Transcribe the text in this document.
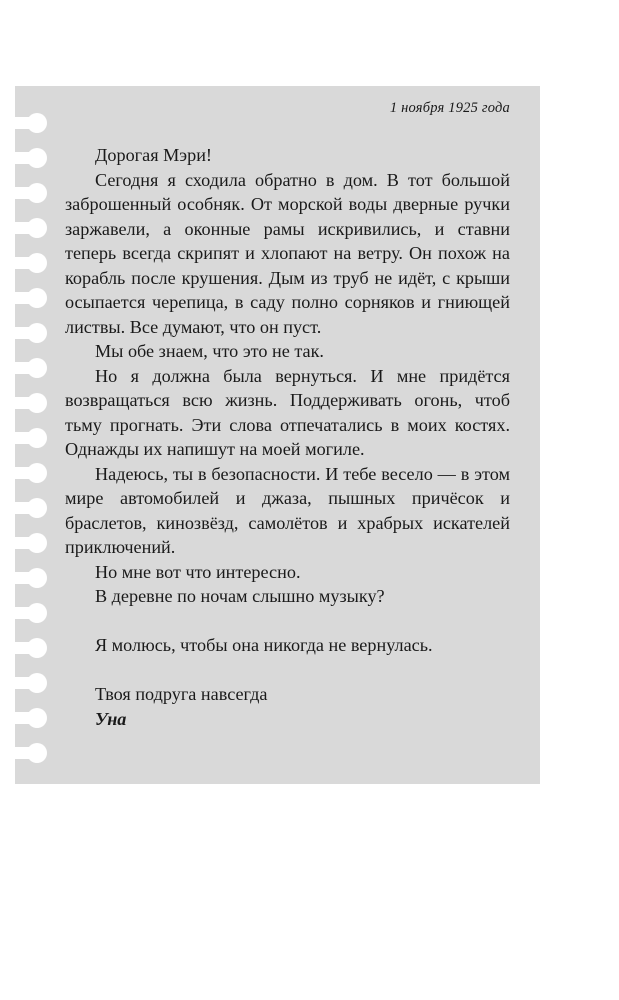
1 ноября 1925 года

Дорогая Мэри!

Сегодня я сходила обратно в дом. В тот большой заброшенный особняк. От морской воды дверные ручки заржавели, а оконные рамы искривились, и ставни теперь всегда скрипят и хлопают на ветру. Он похож на корабль после крушения. Дым из труб не идёт, с крыши осыпается черепица, в саду полно сорняков и гниющей листвы. Все думают, что он пуст.

Мы обе знаем, что это не так.

Но я должна была вернуться. И мне придётся возвращаться всю жизнь. Поддерживать огонь, чтоб тьму прогнать. Эти слова отпечатались в моих костях. Однажды их напишут на моей могиле.

Надеюсь, ты в безопасности. И тебе весело — в этом мире автомобилей и джаза, пышных причёсок и браслетов, кинозвёзд, самолётов и храбрых искателей приключений.

Но мне вот что интересно.

В деревне по ночам слышно музыку?

Я молюсь, чтобы она никогда не вернулась.

Твоя подруга навсегда

Уна
